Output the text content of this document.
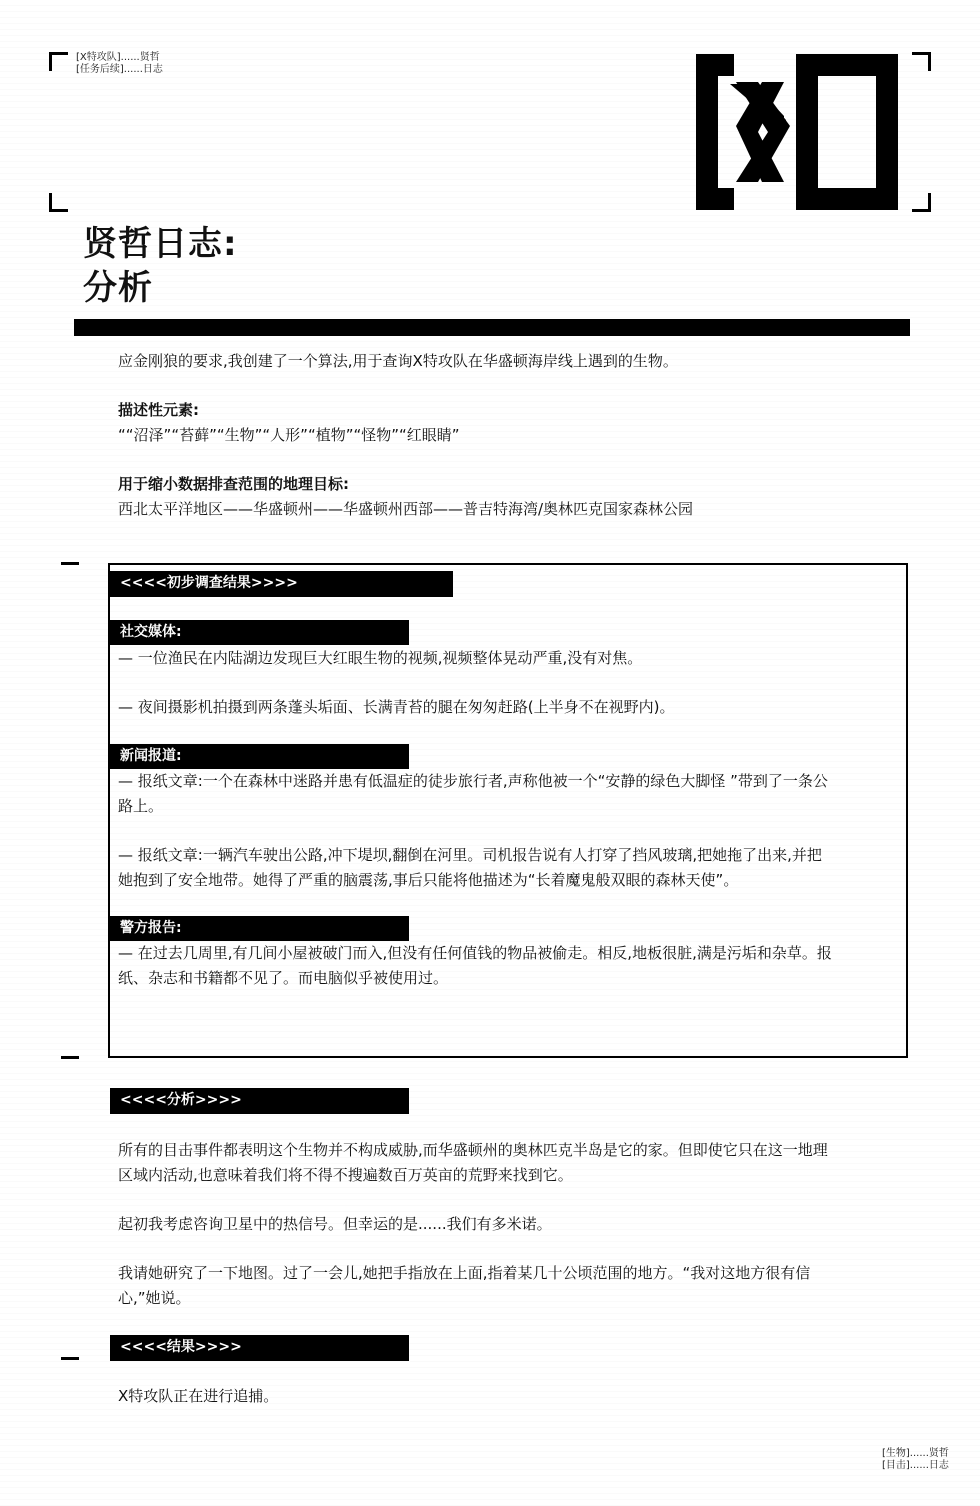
[X特攻队]......贤哲
[任务后续]......日志
贤哲日志:
分析
应金刚狼的要求,我创建了一个算法,用于查询X特攻队在华盛顿海岸线上遇到的生物。
描述性元素:
““沼泽”“苔藓”“生物”“人形”“植物”“怪物”“红眼睛”
用于缩小数据排查范围的地理目标:
西北太平洋地区——华盛顿州——华盛顿州西部——普吉特海湾/奥林匹克国家森林公园
<<<<初步调查结果>>>>
社交媒体:
— 一位渔民在内陆湖边发现巨大红眼生物的视频,视频整体晃动严重,没有对焦。
— 夜间摄影机拍摄到两条蓬头垢面、长满青苔的腿在匆匆赶路(上半身不在视野内)。
新闻报道:
— 报纸文章:一个在森林中迷路并患有低温症的徒步旅行者,声称他被一个“安静的绿色大脚怪 ”带到了一条公
路上。
— 报纸文章:一辆汽车驶出公路,冲下堤坝,翻倒在河里。司机报告说有人打穿了挡风玻璃,把她拖了出来,并把
她抱到了安全地带。她得了严重的脑震荡,事后只能将他描述为“长着魔鬼般双眼的森林天使”。
警方报告:
— 在过去几周里,有几间小屋被破门而入,但没有任何值钱的物品被偷走。相反,地板很脏,满是污垢和杂草。报
纸、杂志和书籍都不见了。而电脑似乎被使用过。
<<<<分析>>>>
所有的目击事件都表明这个生物并不构成威胁,而华盛顿州的奥林匹克半岛是它的家。但即使它只在这一地理
区域内活动,也意味着我们将不得不搜遍数百万英亩的荒野来找到它。
起初我考虑咨询卫星中的热信号。但幸运的是......我们有多米诺。
我请她研究了一下地图。过了一会儿,她把手指放在上面,指着某几十公顷范围的地方。“我对这地方很有信
心,”她说。
<<<<结果>>>>
X特攻队正在进行追捕。
[生物]......贤哲
[目击]......日志
